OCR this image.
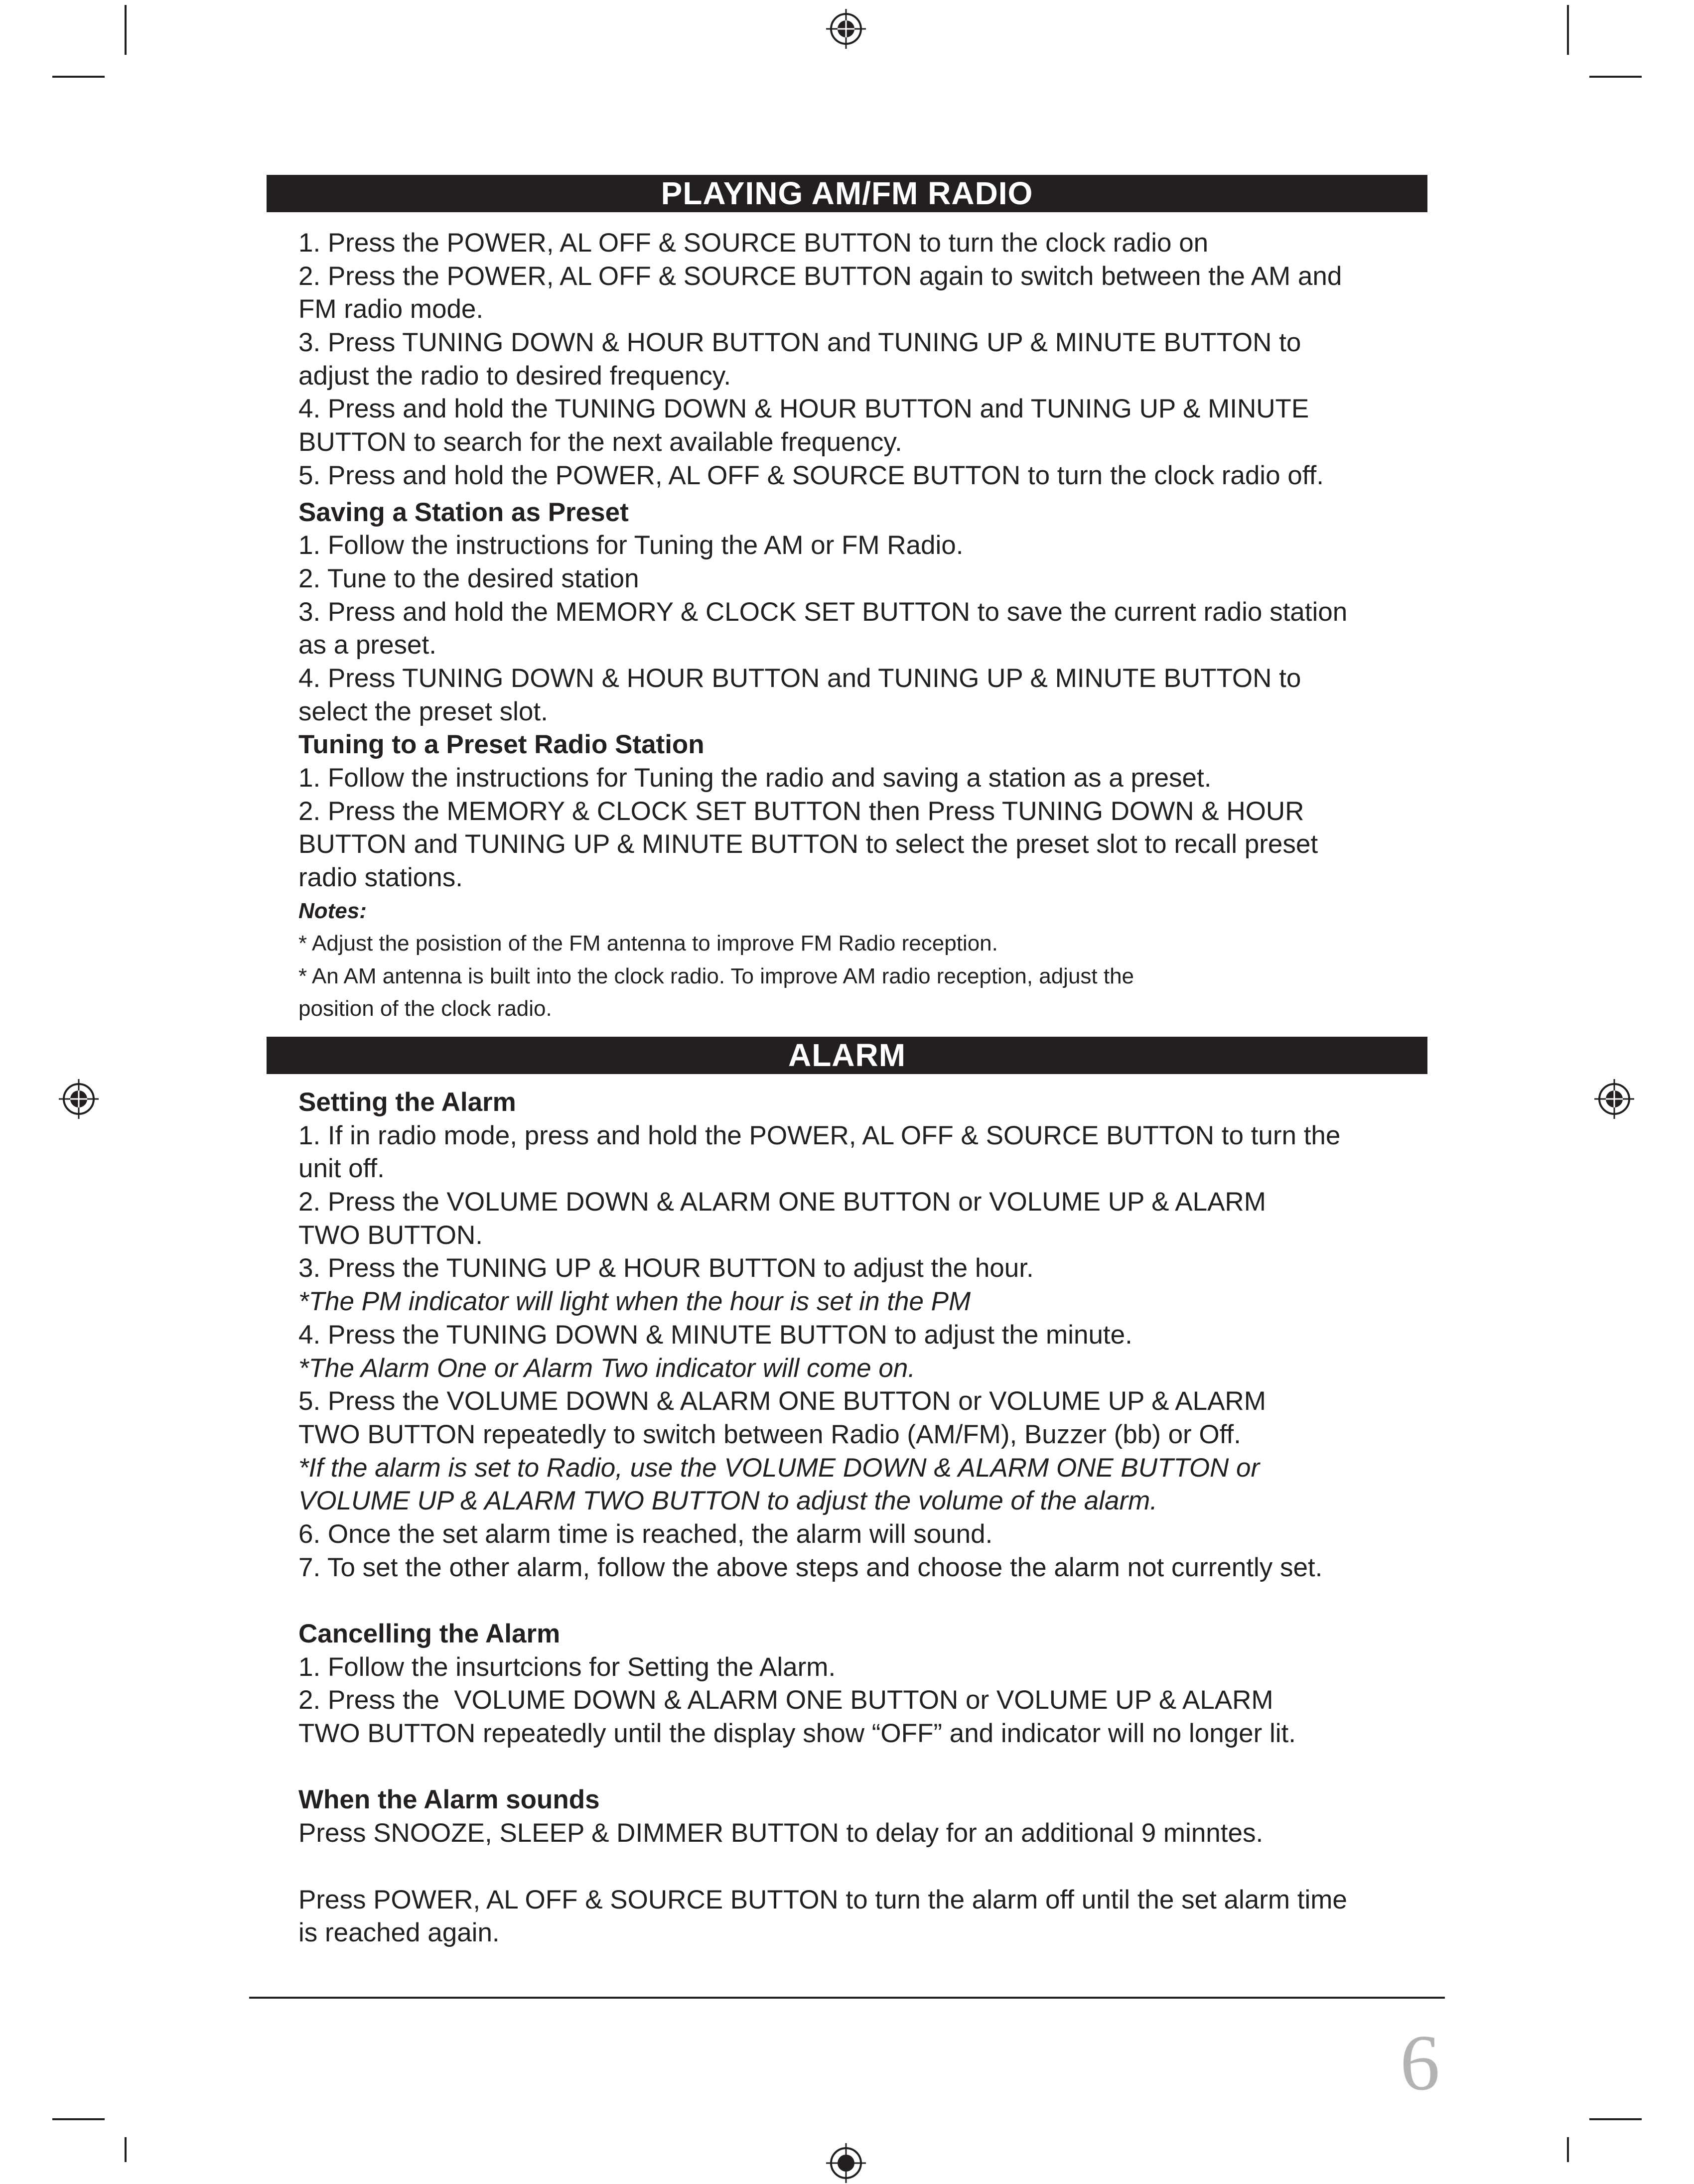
PLAYING AM/FM RADIO
1. Press the POWER, AL OFF & SOURCE BUTTON to turn the clock radio on
2. Press the POWER, AL OFF & SOURCE BUTTON again to switch between the AM and
FM radio mode.
3. Press TUNING DOWN & HOUR BUTTON and TUNING UP & MINUTE BUTTON to
adjust the radio to desired frequency.
4. Press and hold the TUNING DOWN & HOUR BUTTON and TUNING UP & MINUTE
BUTTON to search for the next available frequency.
5. Press and hold the POWER, AL OFF & SOURCE BUTTON to turn the clock radio off.
Saving a Station as Preset
1. Follow the instructions for Tuning the AM or FM Radio.
2. Tune to the desired station
3. Press and hold the MEMORY & CLOCK SET BUTTON to save the current radio station
as a preset.
4. Press TUNING DOWN & HOUR BUTTON and TUNING UP & MINUTE BUTTON to
select the preset slot.
Tuning to a Preset Radio Station
1. Follow the instructions for Tuning the radio and saving a station as a preset.
2. Press the MEMORY & CLOCK SET BUTTON then Press TUNING DOWN & HOUR
BUTTON and TUNING UP & MINUTE BUTTON to select the preset slot to recall preset
radio stations.
Notes:
* Adjust the posistion of the FM antenna to improve FM Radio reception.
* An AM antenna is built into the clock radio. To improve AM radio reception, adjust the
position of the clock radio.
ALARM
Setting the Alarm
1. If in radio mode, press and hold the POWER, AL OFF & SOURCE BUTTON to turn the
unit off.
2. Press the VOLUME DOWN & ALARM ONE BUTTON or VOLUME UP & ALARM
TWO BUTTON.
3. Press the TUNING UP & HOUR BUTTON to adjust the hour.
*The PM indicator will light when the hour is set in the PM
4. Press the TUNING DOWN & MINUTE BUTTON to adjust the minute.
*The Alarm One or Alarm Two indicator will come on.
5. Press the VOLUME DOWN & ALARM ONE BUTTON or VOLUME UP & ALARM
TWO BUTTON repeatedly to switch between Radio (AM/FM), Buzzer (bb) or Off.
*If the alarm is set to Radio, use the VOLUME DOWN & ALARM ONE BUTTON or
VOLUME UP & ALARM TWO BUTTON to adjust the volume of the alarm.
6. Once the set alarm time is reached, the alarm will sound.
7. To set the other alarm, follow the above steps and choose the alarm not currently set.
Cancelling the Alarm
1. Follow the insurtcions for Setting the Alarm.
2. Press the  VOLUME DOWN & ALARM ONE BUTTON or VOLUME UP & ALARM
TWO BUTTON repeatedly until the display show “OFF” and indicator will no longer lit.
When the Alarm sounds
Press SNOOZE, SLEEP & DIMMER BUTTON to delay for an additional 9 minntes.
Press POWER, AL OFF & SOURCE BUTTON to turn the alarm off until the set alarm time
is reached again.
6
